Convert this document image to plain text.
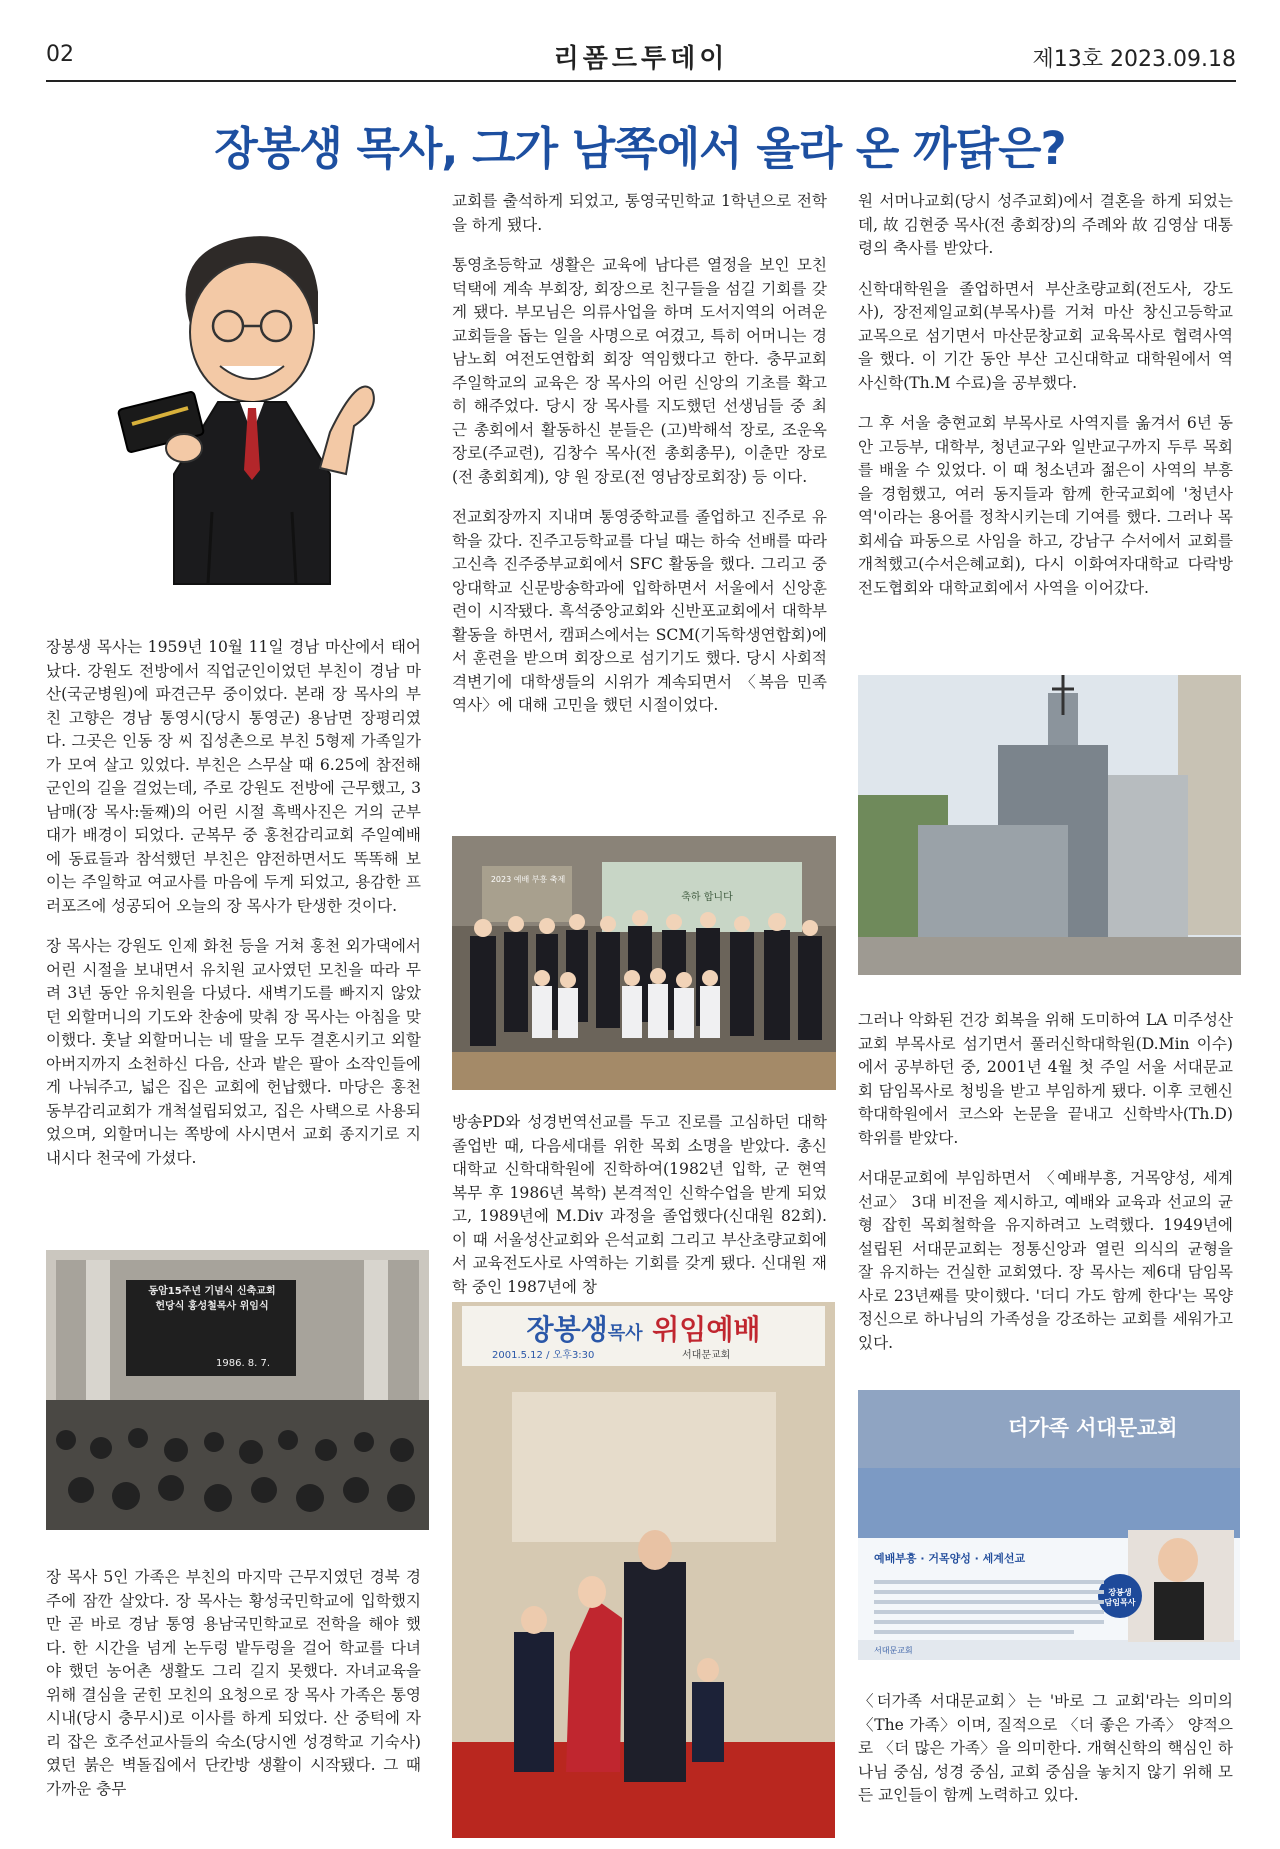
02	리폼드투데이	제13호 2023.09.18
장봉생 목사, 그가 남쪽에서 올라 온 까닭은?

장봉생 목사는 1959년 10월 11일 경남 마산에서 태어났다. 강원도 전방에서 직업군인이었던 부친이 경남 마산(국군병원)에 파견근무 중이었다. 본래 장 목사의 부친 고향은 경남 통영시(당시 통영군) 용남면 장평리였다. 그곳은 인동 장 씨 집성촌으로 부친 5형제 가족일가가 모여 살고 있었다. 부친은 스무살 때 6.25에 참전해 군인의 길을 걸었는데, 주로 강원도 전방에 근무했고, 3남매(장 목사:둘째)의 어린 시절 흑백사진은 거의 군부대가 배경이 되었다. 군복무 중 홍천감리교회 주일예배에 동료들과 참석했던 부친은 얌전하면서도 똑똑해 보이는 주일학교 여교사를 마음에 두게 되었고, 용감한 프러포즈에 성공되어 오늘의 장 목사가 탄생한 것이다.

장 목사는 강원도 인제 화천 등을 거쳐 홍천 외가댁에서 어린 시절을 보내면서 유치원 교사였던 모친을 따라 무려 3년 동안 유치원을 다녔다. 새벽기도를 빠지지 않았던 외할머니의 기도와 찬송에 맞춰 장 목사는 아침을 맞이했다. 훗날 외할머니는 네 딸을 모두 결혼시키고 외할아버지까지 소천하신 다음, 산과 밭은 팔아 소작인들에게 나눠주고, 넓은 집은 교회에 헌납했다. 마당은 홍천동부감리교회가 개척설립되었고, 집은 사택으로 사용되었으며, 외할머니는 쪽방에 사시면서 교회 종지기로 지내시다 천국에 가셨다.

동암15주년 기념식 신축교회 헌당식 홍성철목사 위임식
1986. 8. 7.

장 목사 5인 가족은 부친의 마지막 근무지였던 경북 경주에 잠깐 살았다. 장 목사는 황성국민학교에 입학했지만 곧 바로 경남 통영 용남국민학교로 전학을 해야 했다. 한 시간을 넘게 논두렁 밭두렁을 걸어 학교를 다녀야 했던 농어촌 생활도 그리 길지 못했다. 자녀교육을 위해 결심을 굳힌 모친의 요청으로 장 목사 가족은 통영시내(당시 충무시)로 이사를 하게 되었다. 산 중턱에 자리 잡은 호주선교사들의 숙소(당시엔 성경학교 기숙사)였던 붉은 벽돌집에서 단칸방 생활이 시작됐다. 그 때 가까운 충무

교회를 출석하게 되었고, 통영국민학교 1학년으로 전학을 하게 됐다.

통영초등학교 생활은 교육에 남다른 열정을 보인 모친 덕택에 계속 부회장, 회장으로 친구들을 섬길 기회를 갖게 됐다. 부모님은 의류사업을 하며 도서지역의 어려운 교회들을 돕는 일을 사명으로 여겼고, 특히 어머니는 경남노회 여전도연합회 회장 역임했다고 한다. 충무교회 주일학교의 교육은 장 목사의 어린 신앙의 기초를 확고히 해주었다. 당시 장 목사를 지도했던 선생님들 중 최근 총회에서 활동하신 분들은 (고)박해석 장로, 조운옥 장로(주교련), 김창수 목사(전 총회총무), 이춘만 장로(전 총회회계), 양 원 장로(전 영남장로회장) 등 이다.

전교회장까지 지내며 통영중학교를 졸업하고 진주로 유학을 갔다. 진주고등학교를 다닐 때는 하숙 선배를 따라 고신측 진주중부교회에서 SFC 활동을 했다. 그리고 중앙대학교 신문방송학과에 입학하면서 서울에서 신앙훈련이 시작됐다. 흑석중앙교회와 신반포교회에서 대학부 활동을 하면서, 캠퍼스에서는 SCM(기독학생연합회)에서 훈련을 받으며 회장으로 섬기기도 했다. 당시 사회적 격변기에 대학생들의 시위가 계속되면서 〈복음 민족 역사〉에 대해 고민을 했던 시절이었다.

2023 예배 부흥 축제
축하 합니다

방송PD와 성경번역선교를 두고 진로를 고심하던 대학졸업반 때, 다음세대를 위한 목회 소명을 받았다. 총신대학교 신학대학원에 진학하여(1982년 입학, 군 현역복무 후 1986년 복학) 본격적인 신학수업을 받게 되었고, 1989년에 M.Div 과정을 졸업했다(신대원 82회). 이 때 서울성산교회와 은석교회 그리고 부산초량교회에서 교육전도사로 사역하는 기회를 갖게 됐다. 신대원 재학 중인 1987년에 창

장봉생목사 위임예배
2001.5.12 / 오후3:30	서대문교회

원 서머나교회(당시 성주교회)에서 결혼을 하게 되었는데, 故 김현중 목사(전 총회장)의 주례와 故 김영삼 대통령의 축사를 받았다.

신학대학원을 졸업하면서 부산초량교회(전도사, 강도사), 장전제일교회(부목사)를 거쳐 마산 창신고등학교 교목으로 섬기면서 마산문창교회 교육목사로 협력사역을 했다. 이 기간 동안 부산 고신대학교 대학원에서 역사신학(Th.M 수료)을 공부했다.

그 후 서울 충현교회 부목사로 사역지를 옮겨서 6년 동안 고등부, 대학부, 청년교구와 일반교구까지 두루 목회를 배울 수 있었다. 이 때 청소년과 젊은이 사역의 부흥을 경험했고, 여러 동지들과 함께 한국교회에 '청년사역'이라는 용어를 정착시키는데 기여를 했다. 그러나 목회세습 파동으로 사임을 하고, 강남구 수서에서 교회를 개척했고(수서은혜교회), 다시 이화여자대학교 다락방전도협회와 대학교회에서 사역을 이어갔다.

그러나 악화된 건강 회복을 위해 도미하여 LA 미주성산교회 부목사로 섬기면서 풀러신학대학원(D.Min 이수)에서 공부하던 중, 2001년 4월 첫 주일 서울 서대문교회 담임목사로 청빙을 받고 부임하게 됐다. 이후 코헨신학대학원에서 코스와 논문을 끝내고 신학박사(Th.D) 학위를 받았다.

서대문교회에 부임하면서 〈예배부흥, 거목양성, 세계선교〉 3대 비전을 제시하고, 예배와 교육과 선교의 균형 잡힌 목회철학을 유지하려고 노력했다. 1949년에 설립된 서대문교회는 정통신앙과 열린 의식의 균형을 잘 유지하는 건실한 교회였다. 장 목사는 제6대 담임목사로 23년째를 맞이했다. '더디 가도 함께 한다'는 목양정신으로 하나님의 가족성을 강조하는 교회를 세워가고 있다.

더가족 서대문교회
예배부흥 · 거목양성 · 세계선교
장봉생
담임목사
서대문교회

〈더가족 서대문교회〉는 '바로 그 교회'라는 의미의 〈The 가족〉이며, 질적으로 〈더 좋은 가족〉 양적으로 〈더 많은 가족〉을 의미한다. 개혁신학의 핵심인 하나님 중심, 성경 중심, 교회 중심을 놓치지 않기 위해 모든 교인들이 함께 노력하고 있다.
